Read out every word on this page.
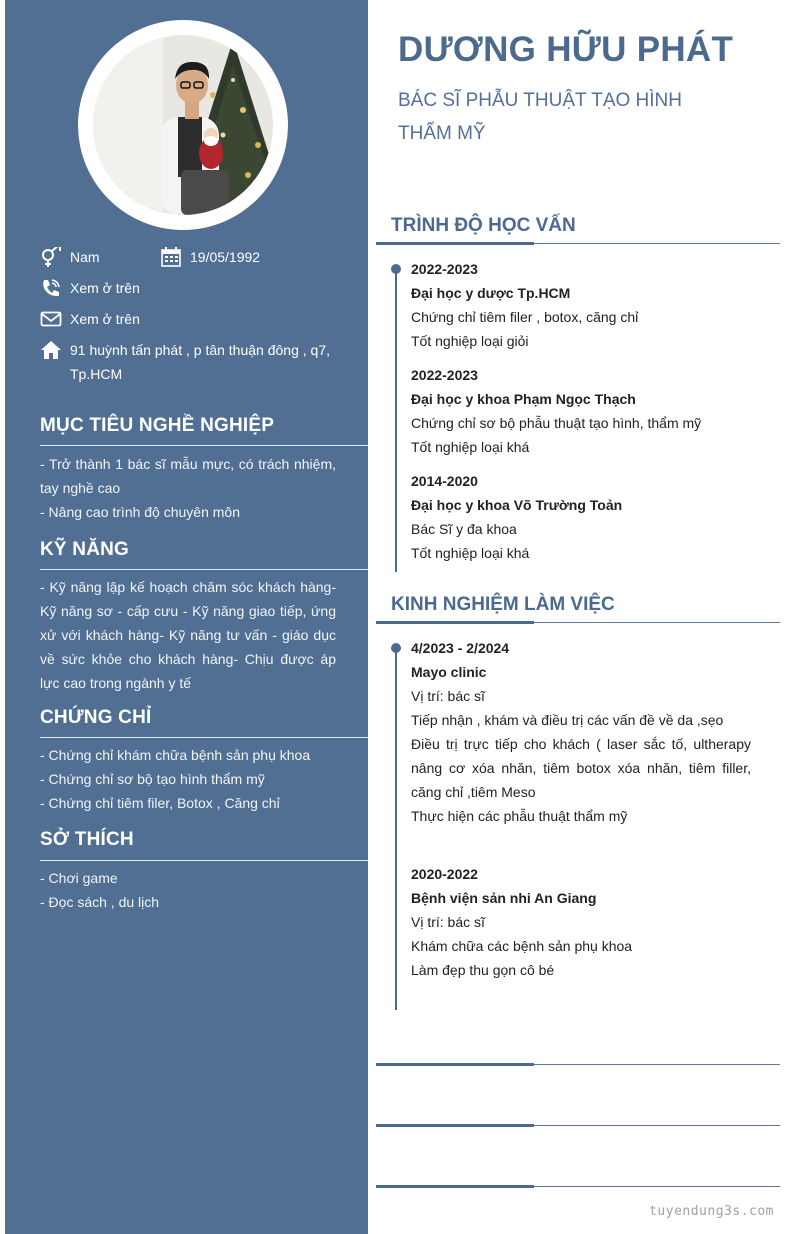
Nam	19/05/1992
Xem ở trên
Xem ở trên
91 huỳnh tấn phát , p tân thuận đông , q7, Tp.HCM
MỤC TIÊU NGHỀ NGHIỆP
- Trở thành 1 bác sĩ mẫu mực, có trách nhiệm, tay nghề cao
- Nâng cao trình độ chuyên môn
KỸ NĂNG
- Kỹ năng lập kế hoạch chăm sóc khách hàng- Kỹ năng sơ - cấp cưu - Kỹ năng giao tiếp, ứng xử với khách hàng- Kỹ năng tư vấn - giáo dục về sức khỏe cho khách hàng- Chịu được áp lực cao trong ngành y tế
CHỨNG CHỈ
- Chứng chỉ khám chữa bệnh sản phụ khoa
- Chứng chỉ sơ bộ tạo hình thẩm mỹ
- Chứng chỉ tiêm filer, Botox , Căng chỉ
SỞ THÍCH
- Chơi game
- Đọc sách , du lịch
DƯƠNG HỮU PHÁT
BÁC SĨ PHẪU THUẬT TẠO HÌNH THẨM MỸ
TRÌNH ĐỘ HỌC VẤN
2022-2023
Đại học y dược Tp.HCM
Chứng chỉ tiêm filer , botox, căng chỉ
Tốt nghiệp loại giỏi
2022-2023
Đại học y khoa Phạm Ngọc Thạch
Chứng chỉ sơ bộ phẫu thuật tạo hình, thẩm mỹ
Tốt nghiệp loại khá
2014-2020
Đại học y khoa Võ Trường Toản
Bác Sĩ y đa khoa
Tốt nghiệp loại khá
KINH NGHIỆM LÀM VIỆC
4/2023 - 2/2024
Mayo clinic
Vị trí: bác sĩ
Tiếp nhận , khám và điều trị các vấn đề về da ,sẹo
Điều trị trực tiếp cho khách ( laser sắc tố, ultherapy nâng cơ xóa nhăn, tiêm botox xóa nhăn, tiêm filler, căng chỉ ,tiêm Meso
Thực hiện các phẫu thuật thẩm mỹ
2020-2022
Bệnh viện sản nhi An Giang
Vị trí: bác sĩ
Khám chữa các bệnh sản phụ khoa
Làm đẹp thu gọn cô bé
tuyendung3s.com
